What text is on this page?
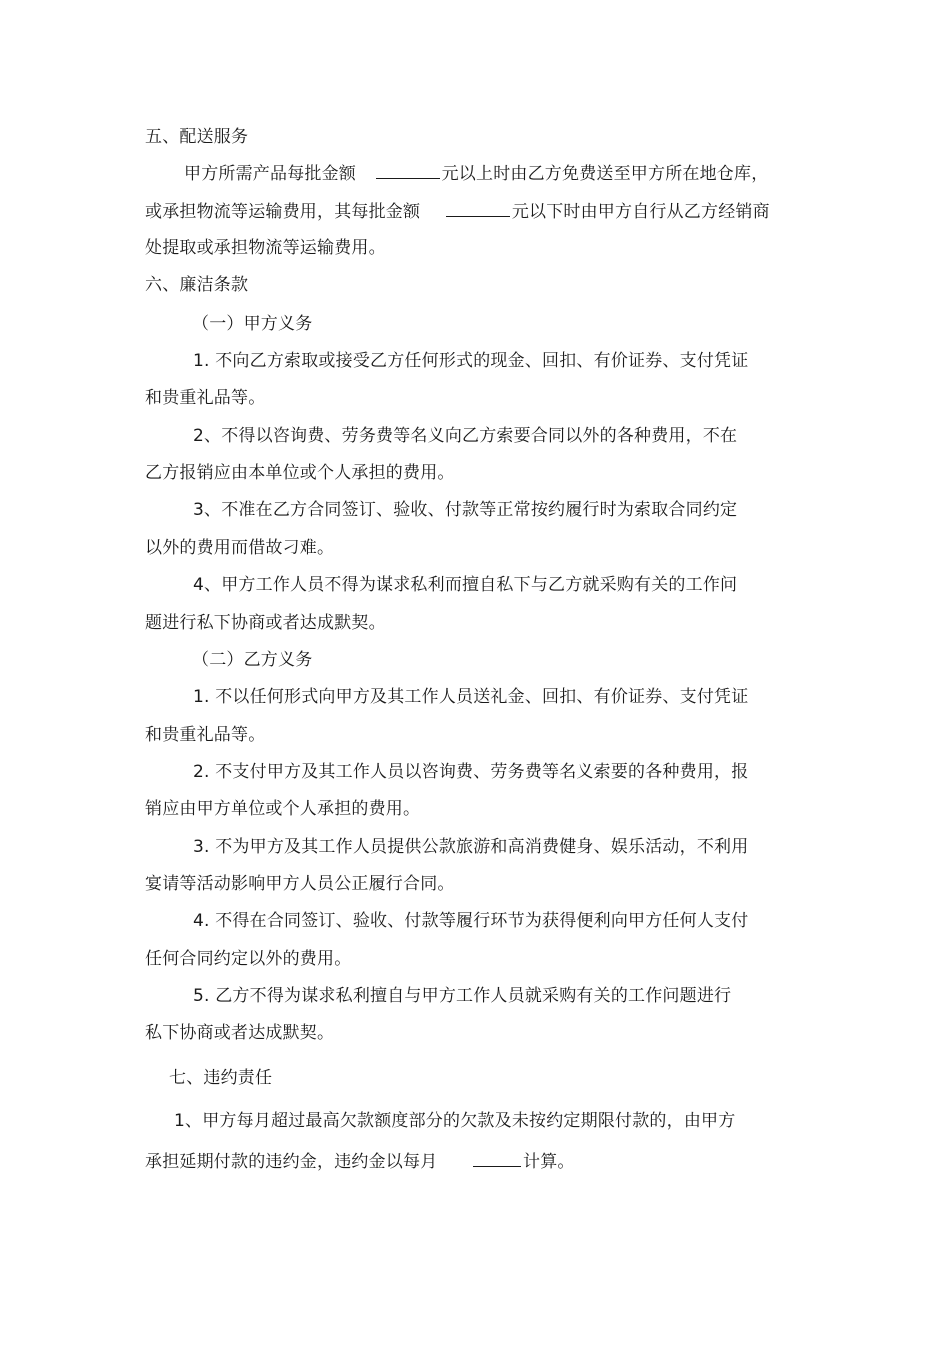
五、配送服务
甲方所需产品每批金额	元以上时由乙方免费送至甲方所在地仓库，
或承担物流等运输费用，其每批金额	元以下时由甲方自行从乙方经销商
处提取或承担物流等运输费用。
六、廉洁条款
（一）甲方义务
1. 不向乙方索取或接受乙方任何形式的现金、回扣、有价证券、支付凭证
和贵重礼品等。
2、不得以咨询费、劳务费等名义向乙方索要合同以外的各种费用，不在
乙方报销应由本单位或个人承担的费用。
3、不准在乙方合同签订、验收、付款等正常按约履行时为索取合同约定
以外的费用而借故刁难。
4、甲方工作人员不得为谋求私利而擅自私下与乙方就采购有关的工作问
题进行私下协商或者达成默契。
（二）乙方义务
1. 不以任何形式向甲方及其工作人员送礼金、回扣、有价证券、支付凭证
和贵重礼品等。
2. 不支付甲方及其工作人员以咨询费、劳务费等名义索要的各种费用，报
销应由甲方单位或个人承担的费用。
3. 不为甲方及其工作人员提供公款旅游和高消费健身、娱乐活动，不利用
宴请等活动影响甲方人员公正履行合同。
4. 不得在合同签订、验收、付款等履行环节为获得便利向甲方任何人支付
任何合同约定以外的费用。
5. 乙方不得为谋求私利擅自与甲方工作人员就采购有关的工作问题进行
私下协商或者达成默契。
七、违约责任
1、甲方每月超过最高欠款额度部分的欠款及未按约定期限付款的，由甲方
承担延期付款的违约金，违约金以每月	计算。
